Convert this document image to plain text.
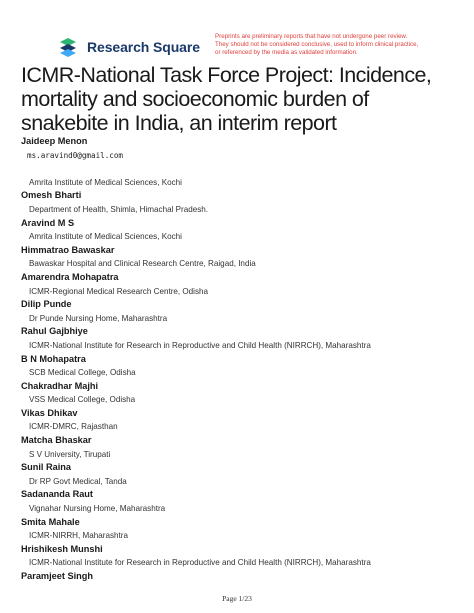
Research Square
Preprints are preliminary reports that have not undergone peer review.
They should not be considered conclusive, used to inform clinical practice,
or referenced by the media as validated information.
ICMR-National Task Force Project: Incidence, mortality and socioeconomic burden of snakebite in India, an interim report
Jaideep Menon
ms.aravind0@gmail.com
Amrita Institute of Medical Sciences, Kochi
Omesh Bharti
Department of Health, Shimla, Himachal Pradesh.
Aravind M S
Amrita Institute of Medical Sciences, Kochi
Himmatrao Bawaskar
Bawaskar Hospital and Clinical Research Centre, Raigad, India
Amarendra Mohapatra
ICMR-Regional Medical Research Centre, Odisha
Dilip Punde
Dr Punde Nursing Home, Maharashtra
Rahul Gajbhiye
ICMR-National Institute for Research in Reproductive and Child Health (NIRRCH), Maharashtra
B N Mohapatra
SCB Medical College, Odisha
Chakradhar Majhi
VSS Medical College, Odisha
Vikas Dhikav
ICMR-DMRC, Rajasthan
Matcha Bhaskar
S V University, Tirupati
Sunil Raina
Dr RP Govt Medical, Tanda
Sadananda Raut
Vignahar Nursing Home, Maharashtra
Smita Mahale
ICMR-NIRRH, Maharashtra
Hrishikesh Munshi
ICMR-National Institute for Research in Reproductive and Child Health (NIRRCH), Maharashtra
Paramjeet Singh
Page 1/23
